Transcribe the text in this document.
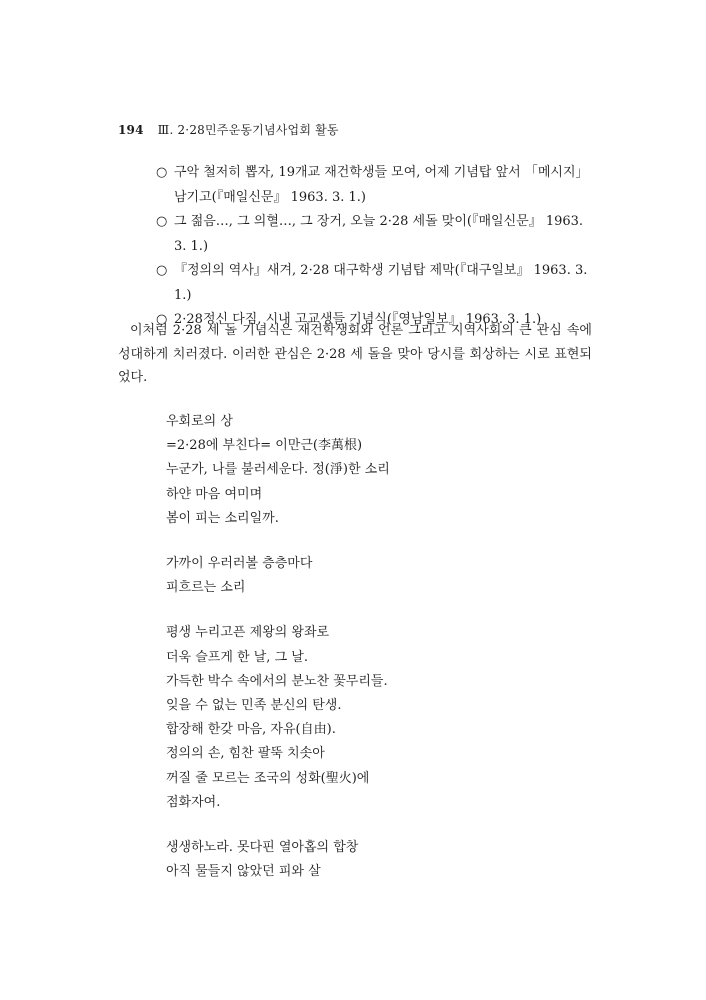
194 Ⅲ. 2·28민주운동기념사업회 활동
○ 구악 철저히 뽑자, 19개교 재건학생들 모여, 어제 기념탑 앞서 「메시지」남기고(『매일신문』 1963. 3. 1.)
○ 그 젊음…, 그 의혈…, 그 장거, 오늘 2·28 세돌 맞이(『매일신문』 1963. 3. 1.)
○ 『정의의 역사』새겨, 2·28 대구학생 기념탑 제막(『대구일보』 1963. 3. 1.)
○ 2·28정신 다짐, 시내 고교생들 기념식(『영남일보』 1963. 3. 1.)
이처럼 2·28 세 돌 기념식은 재건학생회와 언론 그리고 지역사회의 큰 관심 속에 성대하게 치러졌다. 이러한 관심은 2·28 세 돌을 맞아 당시를 회상하는 시로 표현되었다.
우회로의 상
=2·28에 부친다= 이만근(李萬根)
누군가, 나를 불러세운다. 정(淨)한 소리
하얀 마음 여미며
봄이 피는 소리일까.
가까이 우러러볼 층층마다
피흐르는 소리
평생 누리고픈 제왕의 왕좌로
더욱 슬프게 한 날, 그 날.
가득한 박수 속에서의 분노찬 꽃무리들.
잊을 수 없는 민족 분신의 탄생.
합장해 한갖 마음, 자유(自由).
정의의 손, 힘찬 팔뚝 치솟아
꺼질 줄 모르는 조국의 성화(聖火)에
점화자여.
생생하노라. 못다핀 열아홉의 합창
아직 물들지 않았던 피와 살
